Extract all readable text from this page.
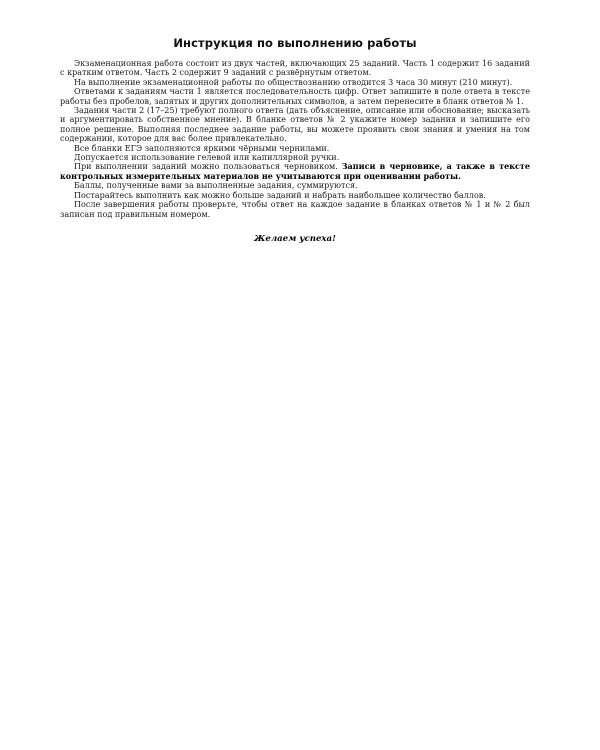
Инструкция по выполнению работы

Экзаменационная работа состоит из двух частей, включающих 25 заданий. Часть 1 содержит 16 заданий с кратким ответом. Часть 2 содержит 9 заданий с развёрнутым ответом.

На выполнение экзаменационной работы по обществознанию отводится 3 часа 30 минут (210 минут).

Ответами к заданиям части 1 является последовательность цифр. Ответ запишите в поле ответа в тексте работы без пробелов, запятых и других дополнительных символов, а затем перенесите в бланк ответов № 1.

Задания части 2 (17–25) требуют полного ответа (дать объяснение, описание или обоснование; высказать и аргументировать собственное мнение). В бланке ответов № 2 укажите номер задания и запишите его полное решение. Выполняя последнее задание работы, вы можете проявить свои знания и умения на том содержании, которое для вас более привлекательно.

Все бланки ЕГЭ заполняются яркими чёрными чернилами.

Допускается использование гелевой или капиллярной ручки.

При выполнении заданий можно пользоваться черновиком. Записи в черновике, а также в тексте контрольных измерительных материалов не учитываются при оценивании работы.

Баллы, полученные вами за выполненные задания, суммируются.

Постарайтесь выполнить как можно больше заданий и набрать наибольшее количество баллов.

После завершения работы проверьте, чтобы ответ на каждое задание в бланках ответов № 1 и № 2 был записан под правильным номером.

Желаем успеха!
